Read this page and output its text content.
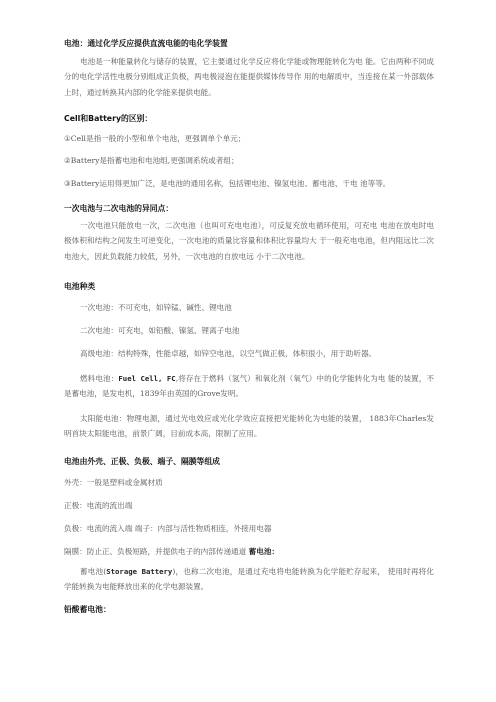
电池：通过化学反应提供直流电能的电化学装置

电池是一种能量转化与储存的装置，它主要通过化学反应将化学能或物理能转化为电 能。它由两种不同成分的电化学活性电极分别组成正负极，两电极浸泡在能提供媒体传导作 用的电解质中，当连接在某一外部载体上时，通过转换其内部的化学能来提供电能。

Cell和Battery的区别：
①Cell是指一般的小型和单个电池，更强调单个单元；
②Battery是指蓄电池和电池组,更强调系统或者组；
③Battery运用得更加广泛，是电池的通用名称，包括锂电池、镍氢电池、蓄电池、干电 池等等。
一次电池与二次电池的异同点：

一次电池只能放电一次，二次电池（也叫可充电电池），可反复充放电循环使用，可充电 电池在放电时电极体积和结构之间发生可逆变化，一次电池的质量比容量和体积比容量均大 于一般充电电池，但内阻远比二次电池大，因此负载能力较低，另外，一次电池的自放电远 小于二次电池。

电池种类
一次电池：不可充电，如锌锰、碱性、锂电池
二次电池：可充电，如铅酸、镍氢、锂离子电池
高级电池：结构特殊，性能卓越，如锌空电池，以空气做正极，体积很小，用于助听器。

燃料电池：Fuel Cell, FC,将存在于燃料（氢气）和氧化剂（氧气）中的化学能转化为电 能的装置，不是蓄电池，是发电机，1839年由英国的Grove发明。

太阳能电池：物理电源，通过光电效应或光化学效应直接把光能转化为电能的装置， 1883年Charles发明首块太阳能电池，前景广阔，目前成本高，限制了应用。

电池由外壳、正极、负极、端子、隔膜等组成
外壳：一般是塑料或金属材质
正极：电流的流出端
负极：电流的流入端 端子：内部与活性物质相连，外接用电器
隔膜：防止正、负极短路，并提供电子的内部传递通道 蓄电池：

蓄电池(Storage Battery)，也称二次电池，是通过充电将电能转换为化学能贮存起来， 使用时再将化学能转换为电能释放出来的化学电源装置。

铅酸蓄电池：
